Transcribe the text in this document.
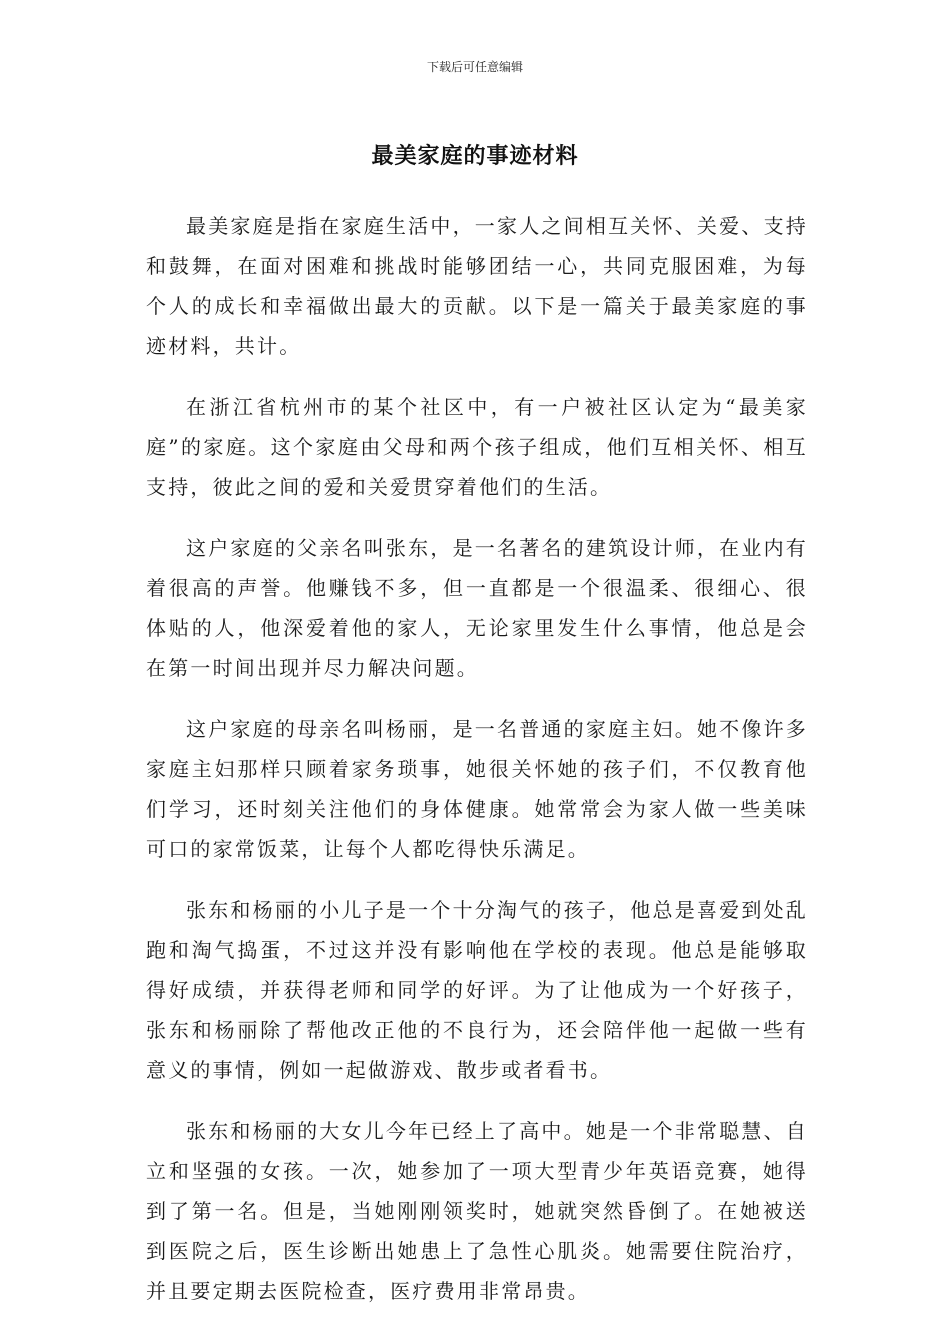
下载后可任意编辑
最美家庭的事迹材料

最美家庭是指在家庭生活中，一家人之间相互关怀、关爱、支持和鼓舞，在面对困难和挑战时能够团结一心，共同克服困难，为每个人的成长和幸福做出最大的贡献。以下是一篇关于最美家庭的事迹材料，共计。

在浙江省杭州市的某个社区中，有一户被社区认定为“最美家庭”的家庭。这个家庭由父母和两个孩子组成，他们互相关怀、相互支持，彼此之间的爱和关爱贯穿着他们的生活。

这户家庭的父亲名叫张东，是一名著名的建筑设计师，在业内有着很高的声誉。他赚钱不多，但一直都是一个很温柔、很细心、很体贴的人，他深爱着他的家人，无论家里发生什么事情，他总是会在第一时间出现并尽力解决问题。

这户家庭的母亲名叫杨丽，是一名普通的家庭主妇。她不像许多家庭主妇那样只顾着家务琐事，她很关怀她的孩子们，不仅教育他们学习，还时刻关注他们的身体健康。她常常会为家人做一些美味可口的家常饭菜，让每个人都吃得快乐满足。

张东和杨丽的小儿子是一个十分淘气的孩子，他总是喜爱到处乱跑和淘气捣蛋，不过这并没有影响他在学校的表现。他总是能够取得好成绩，并获得老师和同学的好评。为了让他成为一个好孩子，张东和杨丽除了帮他改正他的不良行为，还会陪伴他一起做一些有意义的事情，例如一起做游戏、散步或者看书。

张东和杨丽的大女儿今年已经上了高中。她是一个非常聪慧、自立和坚强的女孩。一次，她参加了一项大型青少年英语竞赛，她得到了第一名。但是，当她刚刚领奖时，她就突然昏倒了。在她被送到医院之后，医生诊断出她患上了急性心肌炎。她需要住院治疗，并且要定期去医院检查，医疗费用非常昂贵。
